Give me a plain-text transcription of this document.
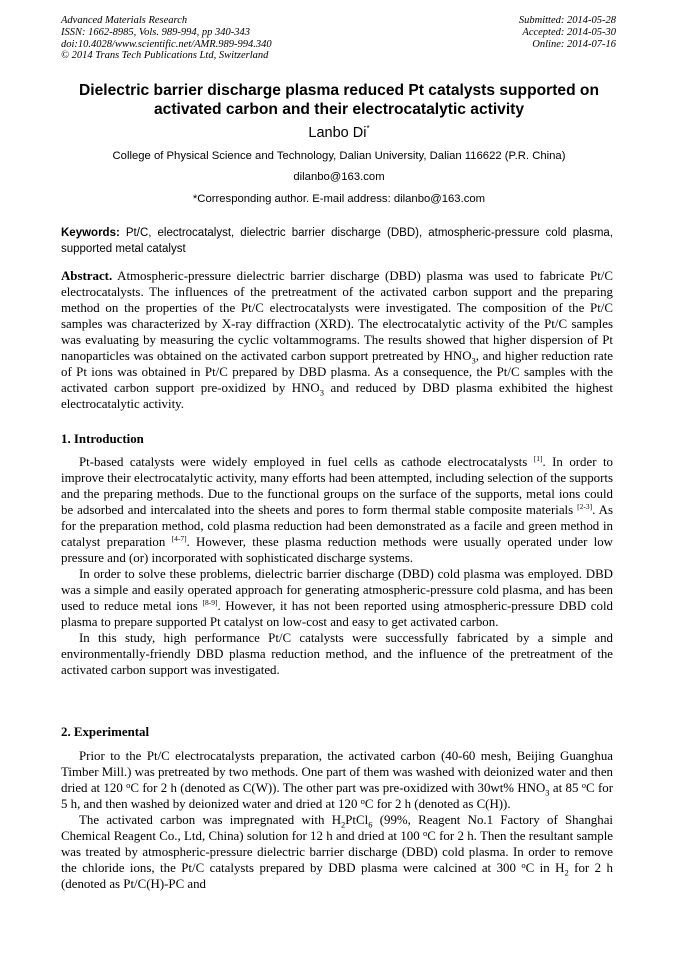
Advanced Materials Research
ISSN: 1662-8985, Vols. 989-994, pp 340-343
doi:10.4028/www.scientific.net/AMR.989-994.340
© 2014 Trans Tech Publications Ltd, Switzerland
Submitted: 2014-05-28
Accepted: 2014-05-30
Online: 2014-07-16
Dielectric barrier discharge plasma reduced Pt catalysts supported on
activated carbon and their electrocatalytic activity
Lanbo Di*
College of Physical Science and Technology, Dalian University, Dalian 116622 (P.R. China)
dilanbo@163.com
*Corresponding author. E-mail address: dilanbo@163.com
Keywords: Pt/C, electrocatalyst, dielectric barrier discharge (DBD), atmospheric-pressure cold plasma, supported metal catalyst
Abstract. Atmospheric-pressure dielectric barrier discharge (DBD) plasma was used to fabricate Pt/C electrocatalysts. The influences of the pretreatment of the activated carbon support and the preparing method on the properties of the Pt/C electrocatalysts were investigated. The composition of the Pt/C samples was characterized by X-ray diffraction (XRD). The electrocatalytic activity of the Pt/C samples was evaluating by measuring the cyclic voltammograms. The results showed that higher dispersion of Pt nanoparticles was obtained on the activated carbon support pretreated by $HNO_3$, and higher reduction rate of Pt ions was obtained in Pt/C prepared by DBD plasma. As a consequence, the Pt/C samples with the activated carbon support pre-oxidized by $HNO_3$ and reduced by DBD plasma exhibited the highest electrocatalytic activity.
1. Introduction

Pt-based catalysts were widely employed in fuel cells as cathode electrocatalysts [1]. In order to improve their electrocatalytic activity, many efforts had been attempted, including selection of the supports and the preparing methods. Due to the functional groups on the surface of the supports, metal ions could be adsorbed and intercalated into the sheets and pores to form thermal stable composite materials [2-3]. As for the preparation method, cold plasma reduction had been demonstrated as a facile and green method in catalyst preparation [4-7]. However, these plasma reduction methods were usually operated under low pressure and (or) incorporated with sophisticated discharge systems.

In order to solve these problems, dielectric barrier discharge (DBD) cold plasma was employed. DBD was a simple and easily operated approach for generating atmospheric-pressure cold plasma, and has been used to reduce metal ions [8-9]. However, it has not been reported using atmospheric-pressure DBD cold plasma to prepare supported Pt catalyst on low-cost and easy to get activated carbon.

In this study, high performance Pt/C catalysts were successfully fabricated by a simple and environmentally-friendly DBD plasma reduction method, and the influence of the pretreatment of the activated carbon support was investigated.

2. Experimental

Prior to the Pt/C electrocatalysts preparation, the activated carbon (40-60 mesh, Beijing Guanghua Timber Mill.) was pretreated by two methods. One part of them was washed with deionized water and then dried at 120 $^o$C for 2 h (denoted as C(W)). The other part was pre-oxidized with 30wt% $HNO_3$ at 85 $^o$C for 5 h, and then washed by deionized water and dried at 120 $^o$C for 2 h (denoted as C(H)).

The activated carbon was impregnated with $H_2PtCl_6$ (99%, Reagent No.1 Factory of Shanghai Chemical Reagent Co., Ltd, China) solution for 12 h and dried at 100 $^o$C for 2 h. Then the resultant sample was treated by atmospheric-pressure dielectric barrier discharge (DBD) cold plasma. In order to remove the chloride ions, the Pt/C catalysts prepared by DBD plasma were calcined at 300 $^o$C in $H_2$ for 2 h (denoted as Pt/C(H)-PC and
